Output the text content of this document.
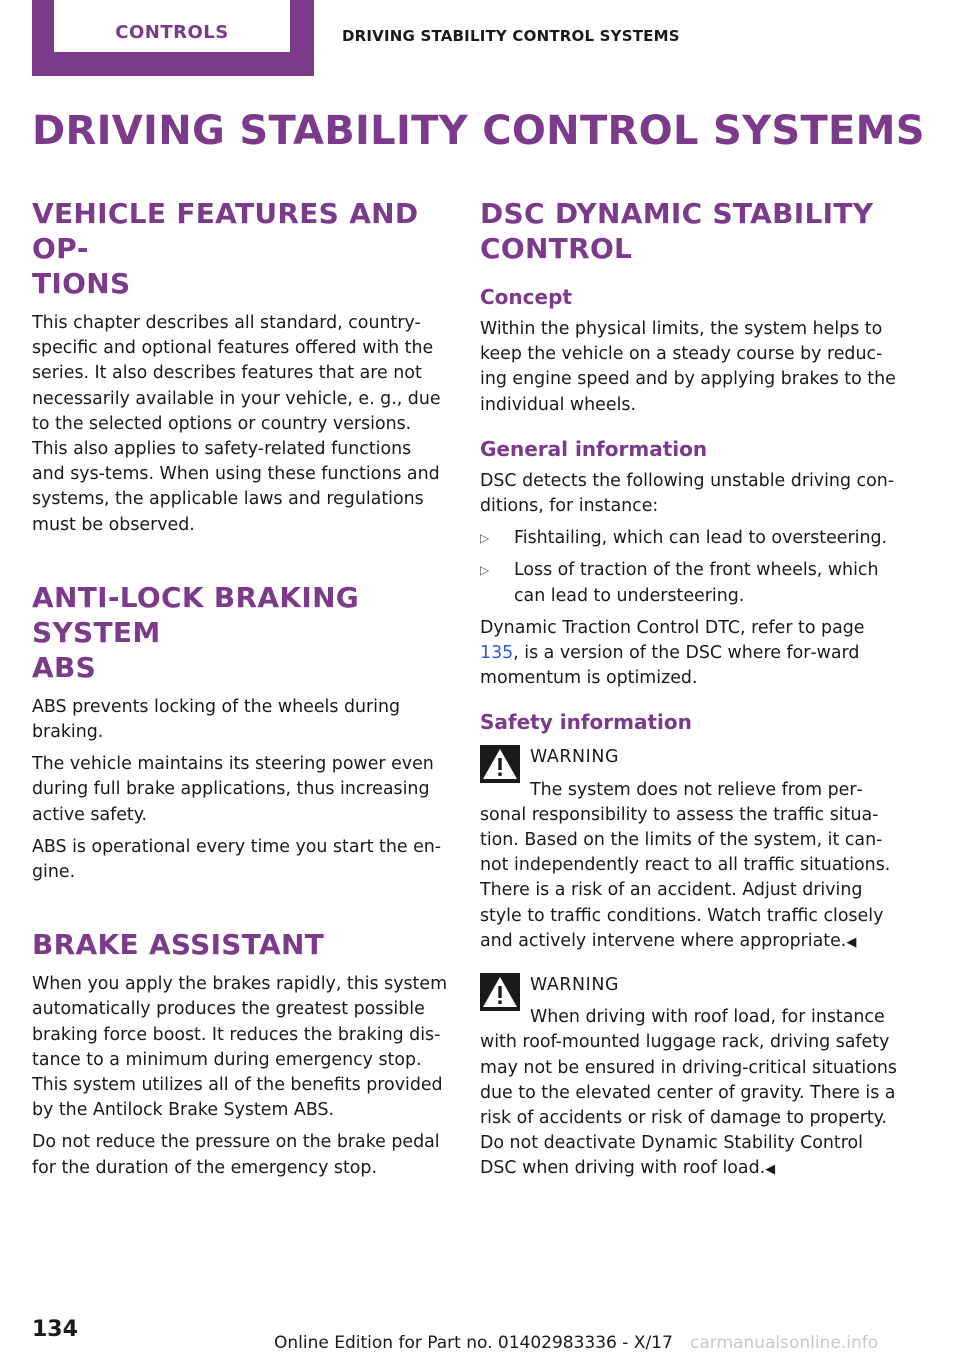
CONTROLS	DRIVING STABILITY CONTROL SYSTEMS
DRIVING STABILITY CONTROL SYSTEMS
VEHICLE FEATURES AND OP‐
TIONS

This chapter describes all standard, country-specific and optional features offered with the series. It also describes features that are not necessarily available in your vehicle, e. g., due to the selected options or country versions. This also applies to safety-related functions and sys‐tems. When using these functions and systems, the applicable laws and regulations must be observed.

ANTI-LOCK BRAKING SYSTEM
ABS

ABS prevents locking of the wheels during braking.

The vehicle maintains its steering power even during full brake applications, thus increasing active safety.

ABS is operational every time you start the en‐gine.

BRAKE ASSISTANT

When you apply the brakes rapidly, this system automatically produces the greatest possible braking force boost. It reduces the braking dis‐tance to a minimum during emergency stop. This system utilizes all of the benefits provided by the Antilock Brake System ABS.

Do not reduce the pressure on the brake pedal for the duration of the emergency stop.

DSC DYNAMIC STABILITY
CONTROL
Concept

Within the physical limits, the system helps to keep the vehicle on a steady course by reduc‐ing engine speed and by applying brakes to the individual wheels.

General information

DSC detects the following unstable driving con‐ditions, for instance:

▷	Fishtailing, which can lead to oversteering.

▷	Loss of traction of the front wheels, which can lead to understeering.

Dynamic Traction Control DTC, refer to page 135, is a version of the DSC where for‐ward momentum is optimized.

Safety information
WARNING

The system does not relieve from per‐

sonal responsibility to assess the traffic situa‐tion. Based on the limits of the system, it can‐not independently react to all traffic situations. There is a risk of an accident. Adjust driving style to traffic conditions. Watch traffic closely and actively intervene where appropriate.◀

WARNING

When driving with roof load, for instance

with roof-mounted luggage rack, driving safety may not be ensured in driving-critical situations due to the elevated center of gravity. There is a risk of accidents or risk of damage to property. Do not deactivate Dynamic Stability Control DSC when driving with roof load.◀

134
Online Edition for Part no. 01402983336 - X/17 carmanualsonline.info
